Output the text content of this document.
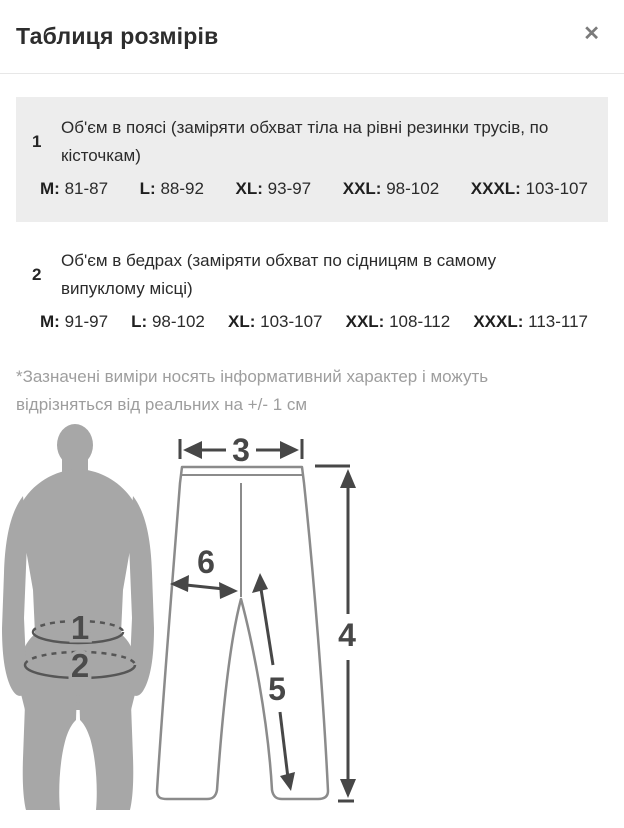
Таблиця розмірів	✕
1

Об'єм в поясі (заміряти обхват тіла на рівні резинки трусів, по кісточкам)

M: 81-87 L: 88-92 XL: 93-97 XXL: 98-102 XXXL: 103-107
2

Об'єм в бедрах (заміряти обхват по сідницям в самому випуклому місці)

M: 91-97 L: 98-102 XL: 103-107 XXL: 108-112 XXXL: 113-117

*Зазначені виміри носять інформативний характер і можуть відрізняться від реальних на +/- 1 см

1
2
3
4
5
6
